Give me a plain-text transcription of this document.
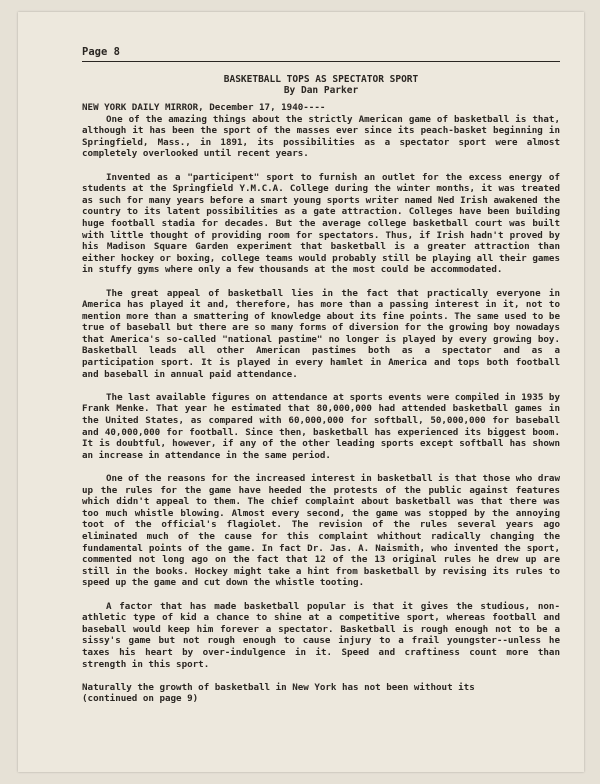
Page 8
BASKETBALL TOPS AS SPECTATOR SPORT
By Dan Parker

NEW YORK DAILY MIRROR, December 17, 1940----

One of the amazing things about the strictly American game of basketball is that, although it has been the sport of the masses ever since its peach-basket beginning in Springfield, Mass., in 1891, its possibilities as a spectator sport were almost completely overlooked until recent years.

Invented as a "participent" sport to furnish an outlet for the excess energy of students at the Springfield Y.M.C.A. College during the winter months, it was treated as such for many years before a smart young sports writer named Ned Irish awakened the country to its latent possibilities as a gate attraction. Colleges have been building huge football stadia for decades. But the average college basketball court was built with little thought of providing room for spectators. Thus, if Irish hadn't proved by his Madison Square Garden experiment that basketball is a greater attraction than either hockey or boxing, college teams would probably still be playing all their games in stuffy gyms where only a few thousands at the most could be accommodated.

The great appeal of basketball lies in the fact that practically everyone in America has played it and, therefore, has more than a passing interest in it, not to mention more than a smattering of knowledge about its fine points. The same used to be true of baseball but there are so many forms of diversion for the growing boy nowadays that America's so-called "national pastime" no longer is played by every growing boy. Basketball leads all other American pastimes both as a spectator and as a participation sport. It is played in every hamlet in America and tops both football and baseball in annual paid attendance.

The last available figures on attendance at sports events were compiled in 1935 by Frank Menke. That year he estimated that 80,000,000 had attended basketball games in the United States, as compared with 60,000,000 for softball, 50,000,000 for baseball and 40,000,000 for football. Since then, basketball has experienced its biggest boom. It is doubtful, however, if any of the other leading sports except softball has shown an increase in attendance in the same period.

One of the reasons for the increased interest in basketball is that those who draw up the rules for the game have heeded the protests of the public against features which didn't appeal to them. The chief complaint about basketball was that there was too much whistle blowing. Almost every second, the game was stopped by the annoying toot of the official's flagiolet. The revision of the rules several years ago eliminated much of the cause for this complaint whithout radically changing the fundamental points of the game. In fact Dr. Jas. A. Naismith, who invented the sport, commented not long ago on the fact that 12 of the 13 original rules he drew up are still in the books. Hockey might take a hint from basketball by revising its rules to speed up the game and cut down the whistle tooting.

A factor that has made basketball popular is that it gives the studious, non-athletic type of kid a chance to shine at a competitive sport, whereas football and baseball would keep him forever a spectator. Basketball is rough enough not to be a sissy's game but not rough enough to cause injury to a frail youngster--unless he taxes his heart by over-indulgence in it. Speed and craftiness count more than strength in this sport.

Naturally the growth of basketball in New York has not been without its

(continued on page 9)
